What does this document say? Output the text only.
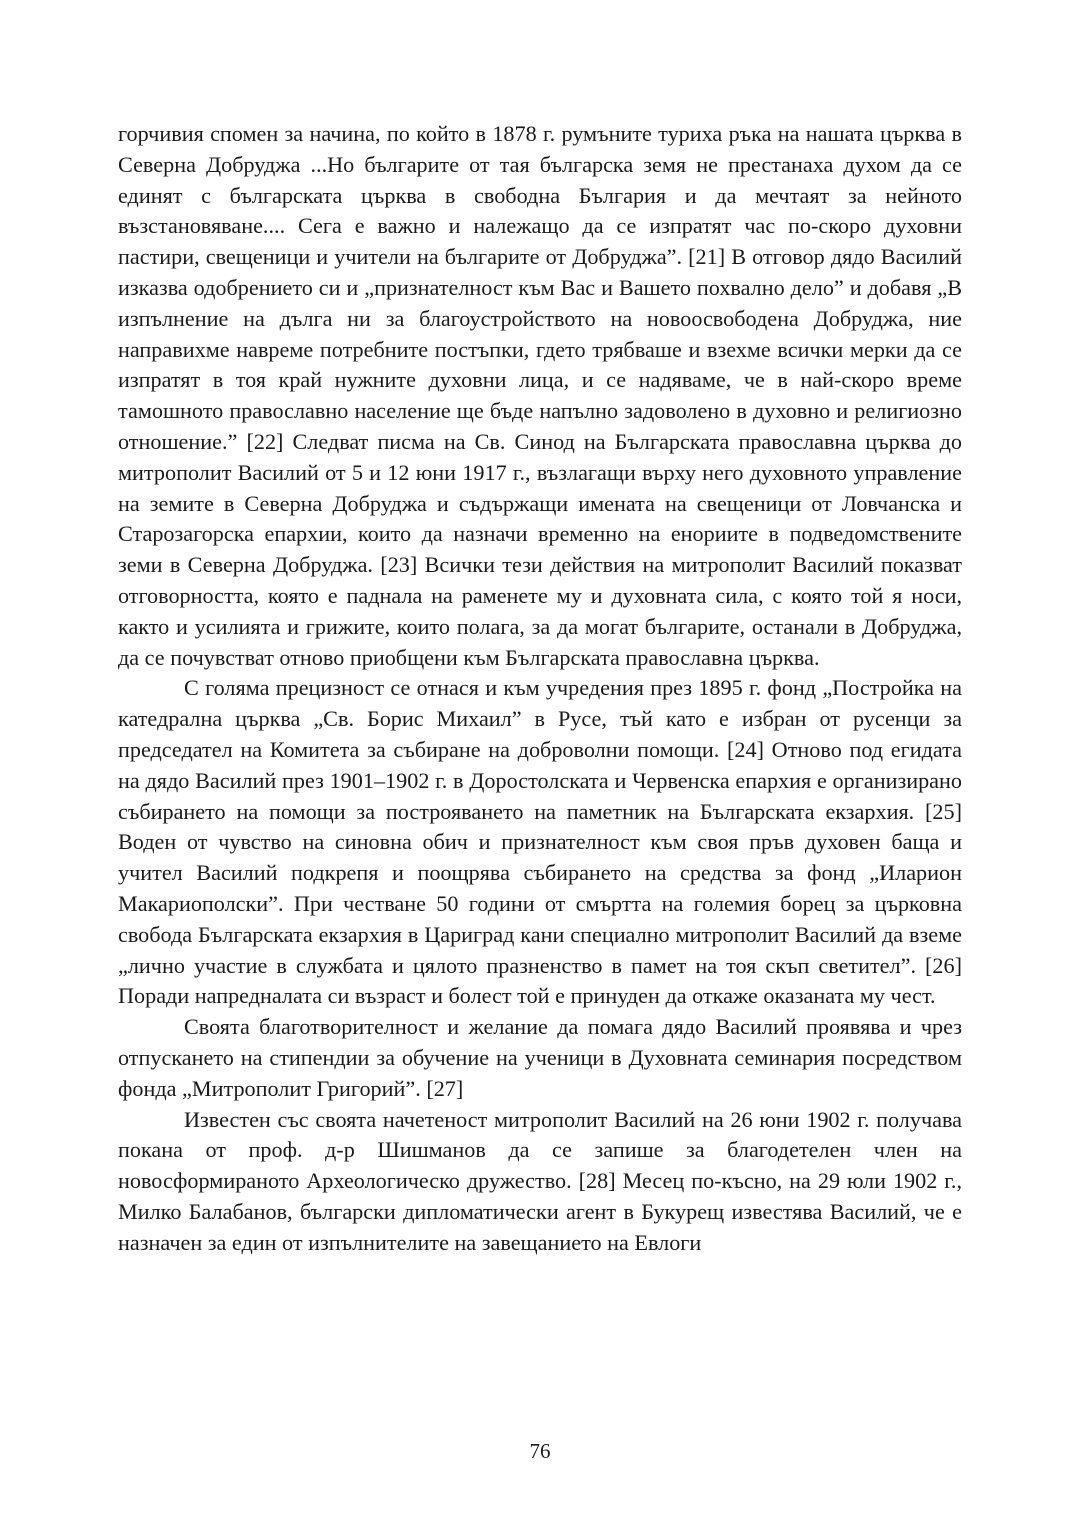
горчивия спомен за начина, по който в 1878 г. румъните туриха ръка на нашата църква в Северна Добруджа ...Но българите от тая българска земя не престанаха духом да се единят с българската църква в свободна България и да мечтаят за нейното възстановяване.... Сега е важно и належащо да се изпратят час по-скоро духовни пастири, свещеници и учители на българите от Добруджа”. [21] В отговор дядо Василий изказва одобрението си и „признателност към Вас и Вашето похвално дело” и добавя „В изпълнение на дълга ни за благоустройството на новоосвободена Добруджа, ние направихме навреме потребните постъпки, гдето трябваше и взехме всички мерки да се изпратят в тоя край нужните духовни лица, и се надяваме, че в най-скоро време тамошното православно население ще бъде напълно задоволено в духовно и религиозно отношение.” [22] Следват писма на Св. Синод на Българската православна църква до митрополит Василий от 5 и 12 юни 1917 г., възлагащи върху него духовното управление на земите в Северна Добруджа и съдържащи имената на свещеници от Ловчанска и Старозагорска епархии, които да назначи временно на енориите в подведомствените земи в Северна Добруджа. [23] Всички тези действия на митрополит Василий показват отговорността, която е паднала на раменете му и духовната сила, с която той я носи, както и усилията и грижите, които полага, за да могат българите, останали в Добруджа, да се почувстват отново приобщени към Българската православна църква.

С голяма прецизност се отнася и към учредения през 1895 г. фонд „Постройка на катедрална църква „Св. Борис Михаил” в Русе, тъй като е избран от русенци за председател на Комитета за събиране на доброволни помощи. [24] Отново под егидата на дядо Василий през 1901–1902 г. в Доростолската и Червенска епархия е организирано събирането на помощи за построяването на паметник на Българската екзархия. [25] Воден от чувство на синовна обич и признателност към своя пръв духовен баща и учител Василий подкрепя и поощрява събирането на средства за фонд „Иларион Макариополски”. При честване 50 години от смъртта на големия борец за църковна свобода Българската екзархия в Цариград кани специално митрополит Василий да вземе „лично участие в службата и цялото празненство в памет на тоя скъп светител”. [26] Поради напредналата си възраст и болест той е принуден да откаже оказаната му чест.

Своята благотворителност и желание да помага дядо Василий проявява и чрез отпускането на стипендии за обучение на ученици в Духовната семинария посредством фонда „Митрополит Григорий”. [27]

Известен със своята начетеност митрополит Василий на 26 юни 1902 г. получава покана от проф. д-р Шишманов да се запише за благодетелен член на новосформираното Археологическо дружество. [28] Месец по-късно, на 29 юли 1902 г., Милко Балабанов, български дипломатически агент в Букурещ известява Василий, че е назначен за един от изпълнителите на завещанието на Евлоги

76
